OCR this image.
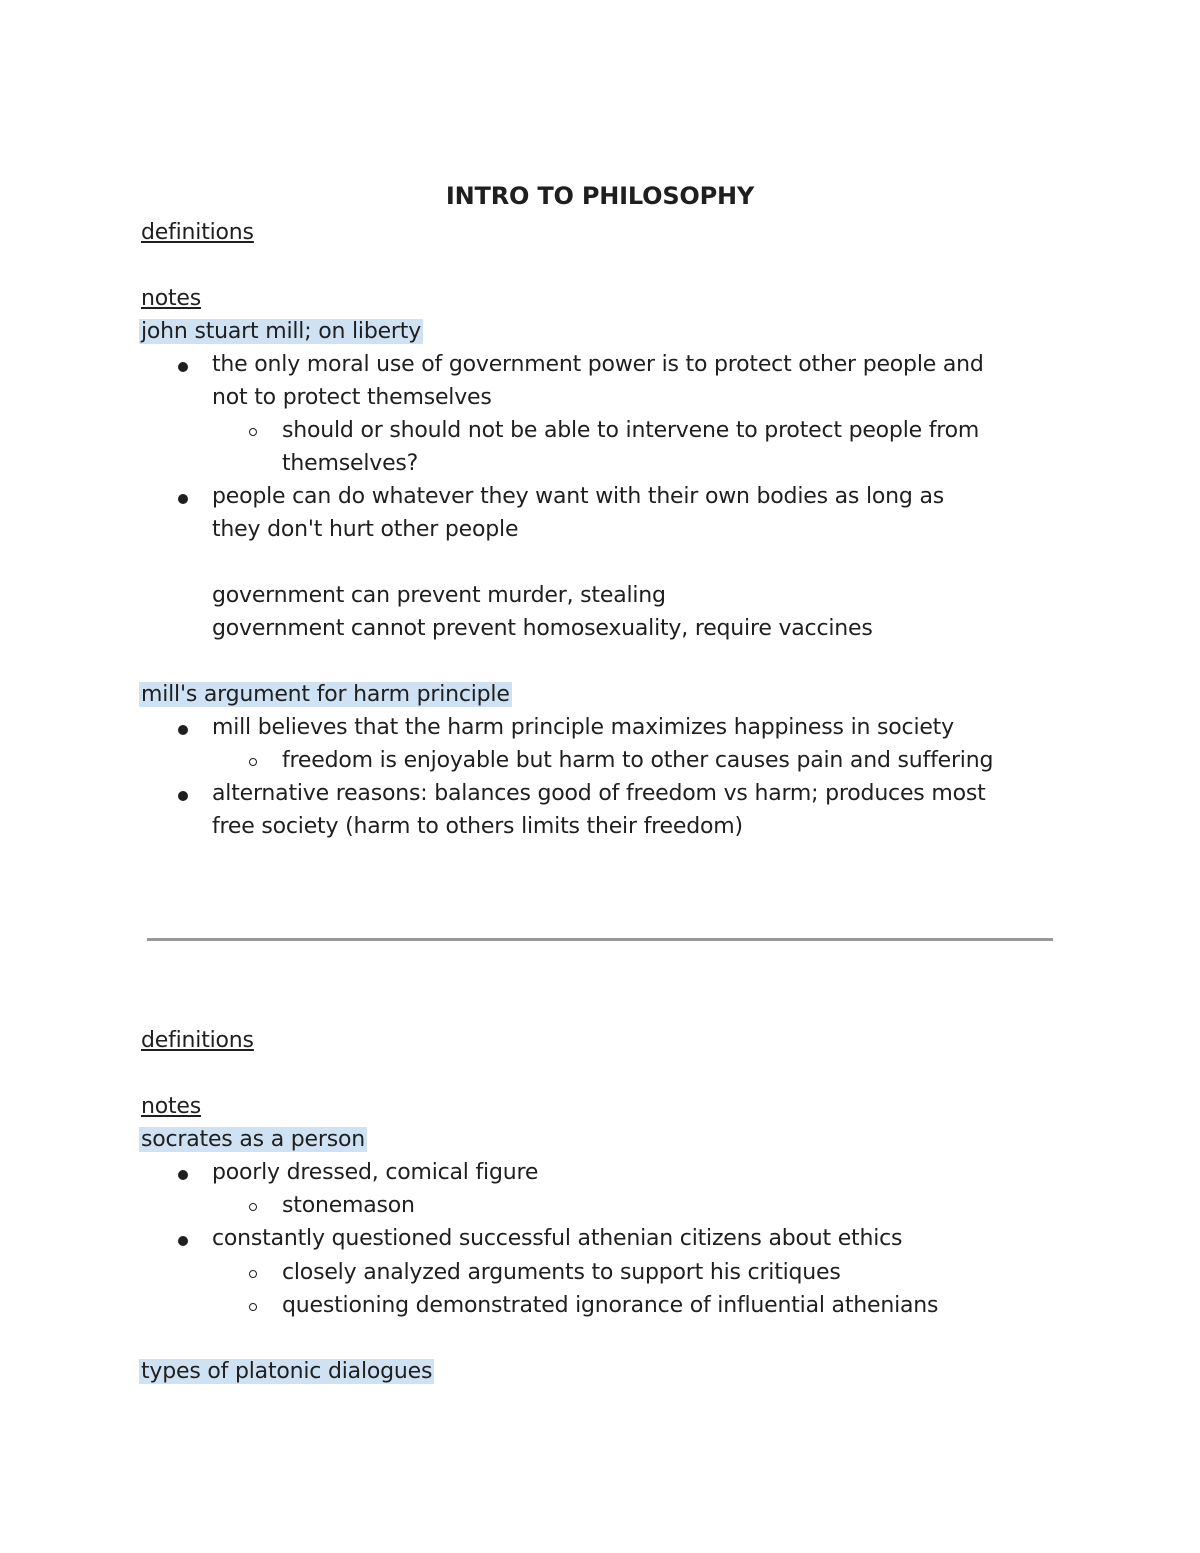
INTRO TO PHILOSOPHY
definitions
notes
john stuart mill; on liberty
the only moral use of government power is to protect other people and
not to protect themselves
should or should not be able to intervene to protect people from
themselves?
people can do whatever they want with their own bodies as long as
they don't hurt other people
government can prevent murder, stealing
government cannot prevent homosexuality, require vaccines
mill's argument for harm principle
mill believes that the harm principle maximizes happiness in society
freedom is enjoyable but harm to other causes pain and suffering
alternative reasons: balances good of freedom vs harm; produces most
free society (harm to others limits their freedom)
definitions
notes
socrates as a person
poorly dressed, comical figure
stonemason
constantly questioned successful athenian citizens about ethics
closely analyzed arguments to support his critiques
questioning demonstrated ignorance of influential athenians
types of platonic dialogues
